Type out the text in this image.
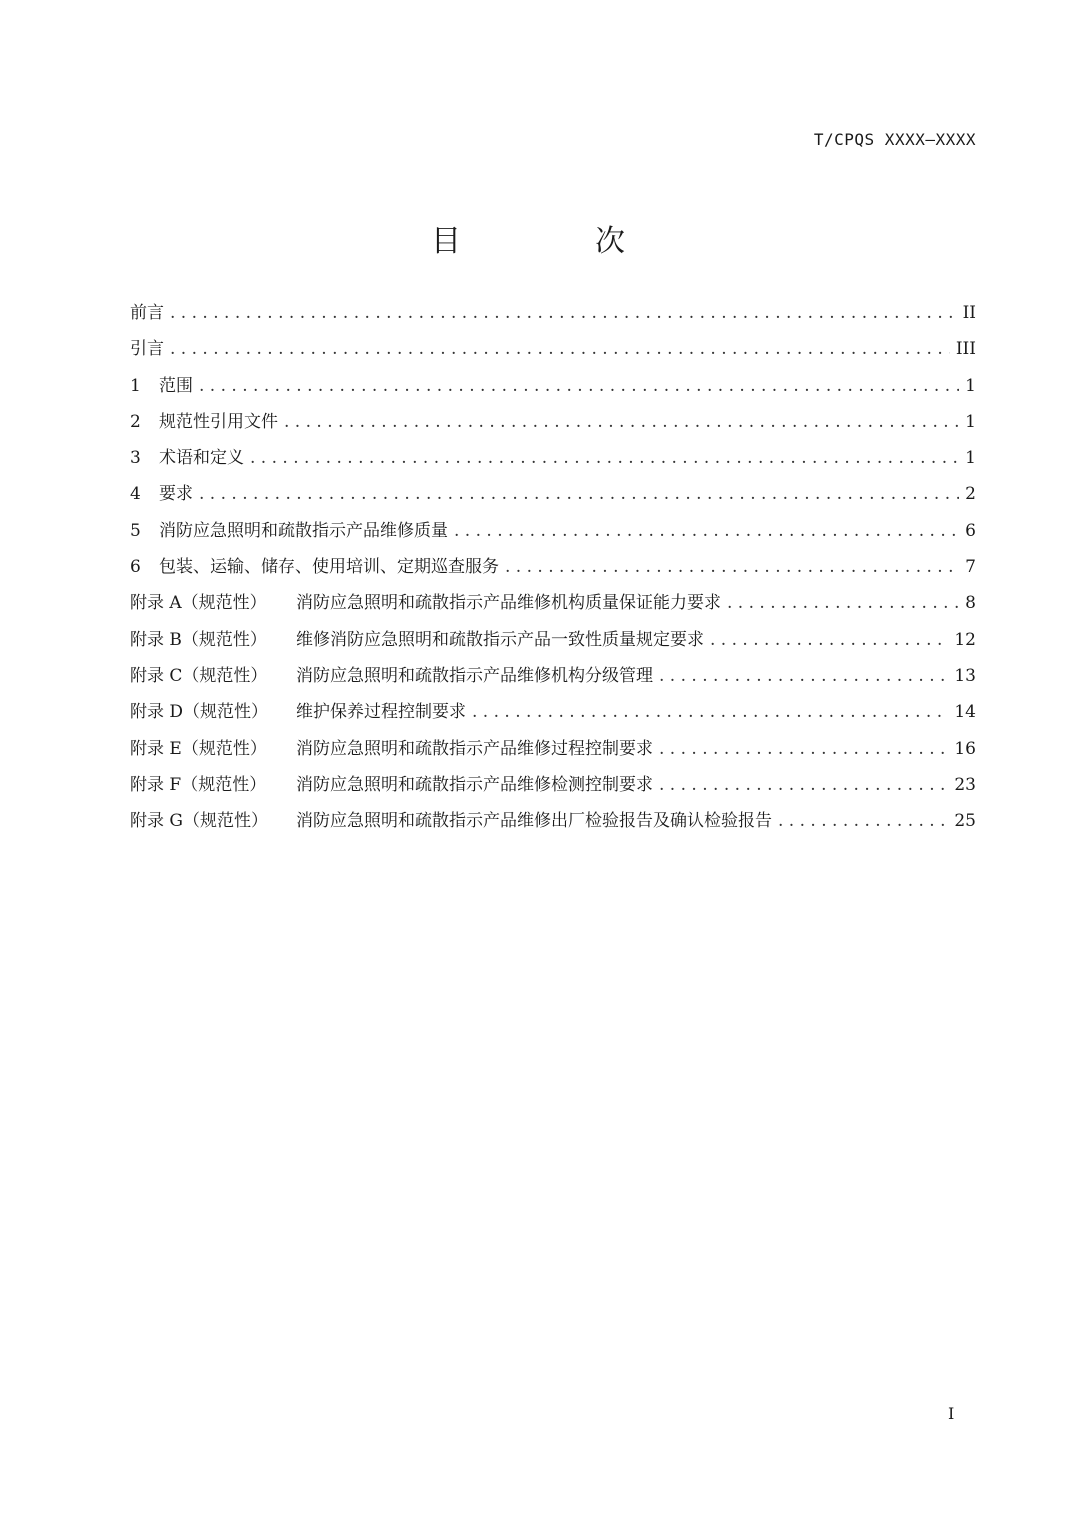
T/CPQS XXXX—XXXX
目　次
前言 . . .	II
引言 . . .	III
1	范围 . . .	1
2	规范性引用文件 . . .	1
3	术语和定义 . . .	1
4	要求 . . .	2
5	消防应急照明和疏散指示产品维修质量 . . .	6
6	包装、运输、储存、使用培训、定期巡查服务 . . .	7
附录 A（规范性）	消防应急照明和疏散指示产品维修机构质量保证能力要求 . . .	8
附录 B（规范性）	维修消防应急照明和疏散指示产品一致性质量规定要求 . . .	12
附录 C（规范性）	消防应急照明和疏散指示产品维修机构分级管理 . . .	13
附录 D（规范性）	维护保养过程控制要求 . . .	14
附录 E（规范性）	消防应急照明和疏散指示产品维修过程控制要求 . . .	16
附录 F（规范性）	消防应急照明和疏散指示产品维修检测控制要求 . . .	23
附录 G（规范性）	消防应急照明和疏散指示产品维修出厂检验报告及确认检验报告 . . .	25
I
